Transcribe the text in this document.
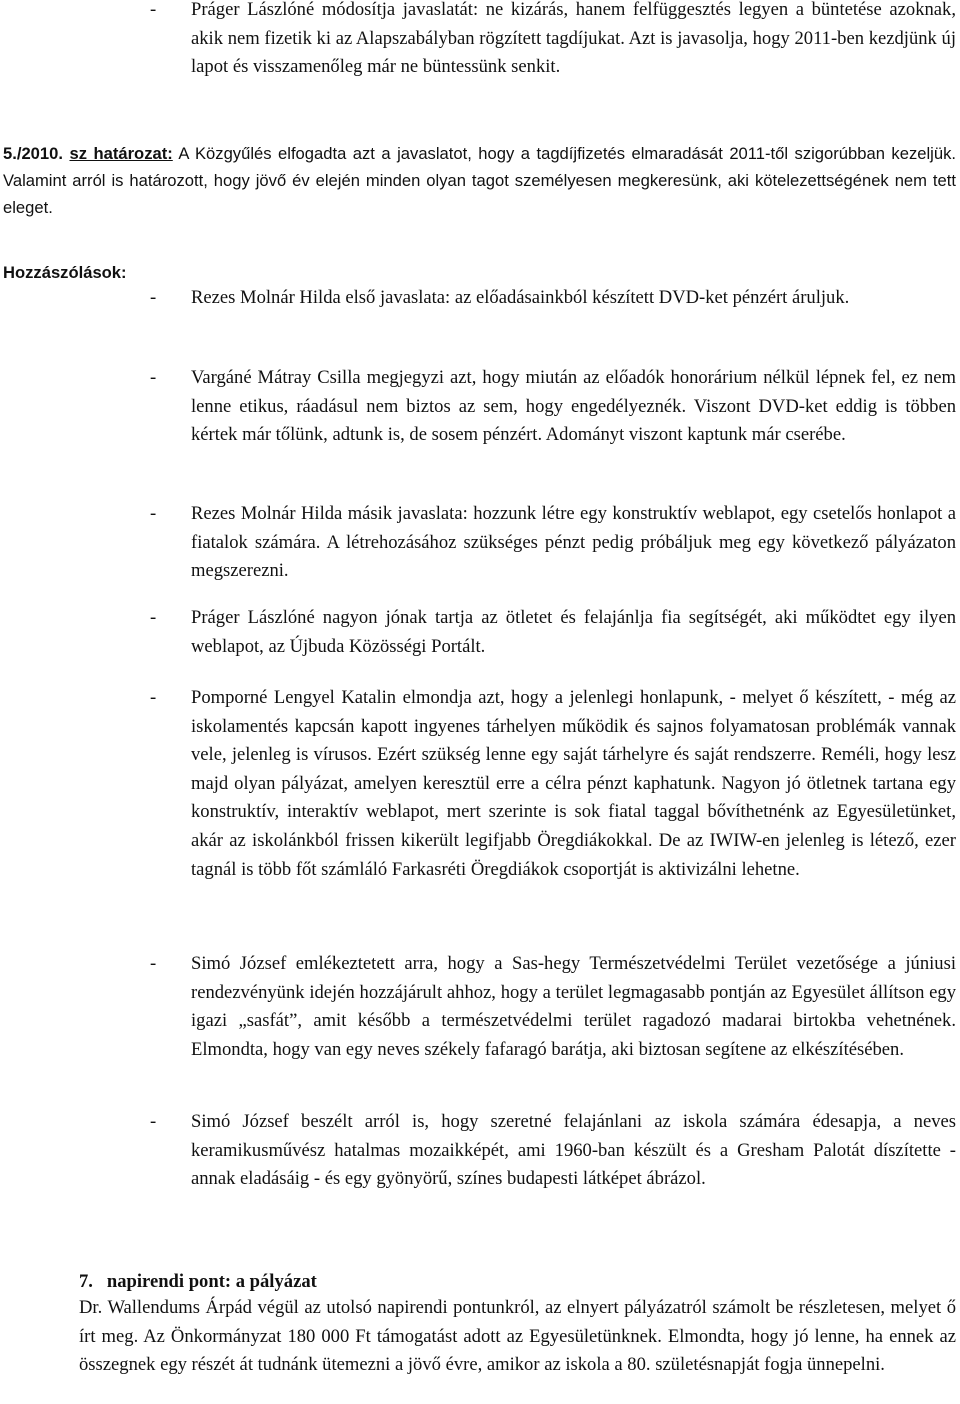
- Práger Lászlóné módosítja javaslatát: ne kizárás, hanem felfüggesztés legyen a büntetése azoknak, akik nem fizetik ki az Alapszabályban rögzített tagdíjukat. Azt is javasolja, hogy 2011-ben kezdjünk új lapot és visszamenőleg már ne büntessünk senkit.
5./2010. sz határozat: A Közgyűlés elfogadta azt a javaslatot, hogy a tagdíjfizetés elmaradását 2011-től szigorúbban kezeljük. Valamint arról is határozott, hogy jövő év elején minden olyan tagot személyesen megkeresünk, aki kötelezettségének nem tett eleget.
Hozzászólások:
- Rezes Molnár Hilda első javaslata: az előadásainkból készített DVD-ket pénzért áruljuk.
- Vargáné Mátray Csilla megjegyzi azt, hogy miután az előadók honorárium nélkül lépnek fel, ez nem lenne etikus, ráadásul nem biztos az sem, hogy engedélyeznék. Viszont DVD-ket eddig is többen kértek már tőlünk, adtunk is, de sosem pénzért. Adományt viszont kaptunk már cserébe.
- Rezes Molnár Hilda másik javaslata: hozzunk létre egy konstruktív weblapot, egy csetelős honlapot a fiatalok számára. A létrehozásához szükséges pénzt pedig próbáljuk meg egy következő pályázaton megszerezni.
- Práger Lászlóné nagyon jónak tartja az ötletet és felajánlja fia segítségét, aki működtet egy ilyen weblapot, az Újbuda Közösségi Portált.
- Pomporné Lengyel Katalin elmondja azt, hogy a jelenlegi honlapunk, - melyet ő készített, - még az iskolamentés kapcsán kapott ingyenes tárhelyen működik és sajnos folyamatosan problémák vannak vele, jelenleg is vírusos. Ezért szükség lenne egy saját tárhelyre és saját rendszerre. Reméli, hogy lesz majd olyan pályázat, amelyen keresztül erre a célra pénzt kaphatunk. Nagyon jó ötletnek tartana egy konstruktív, interaktív weblapot, mert szerinte is sok fiatal taggal bővíthetnénk az Egyesületünket, akár az iskolánkból frissen kikerült legifjabb Öregdiákokkal. De az IWIW-en jelenleg is létező, ezer tagnál is több főt számláló Farkasréti Öregdiákok csoportját is aktivizálni lehetne.
- Simó József emlékeztetett arra, hogy a Sas-hegy Természetvédelmi Terület vezetősége a júniusi rendezvényünk idején hozzájárult ahhoz, hogy a terület legmagasabb pontján az Egyesület állítson egy igazi „sasfát”, amit később a természetvédelmi terület ragadozó madarai birtokba vehetnének. Elmondta, hogy van egy neves székely fafaragó barátja, aki biztosan segítene az elkészítésében.
- Simó József beszélt arról is, hogy szeretné felajánlani az iskola számára édesapja, a neves keramikusművész hatalmas mozaikképét, ami 1960-ban készült és a Gresham Palotát díszítette - annak eladásáig - és egy gyönyörű, színes budapesti látképet ábrázol.
7. napirendi pont: a pályázat
Dr. Wallendums Árpád végül az utolsó napirendi pontunkról, az elnyert pályázatról számolt be részletesen, melyet ő írt meg. Az Önkormányzat 180 000 Ft támogatást adott az Egyesületünknek. Elmondta, hogy jó lenne, ha ennek az összegnek egy részét át tudnánk ütemezni a jövő évre, amikor az iskola a 80. születésnapját fogja ünnepelni.
